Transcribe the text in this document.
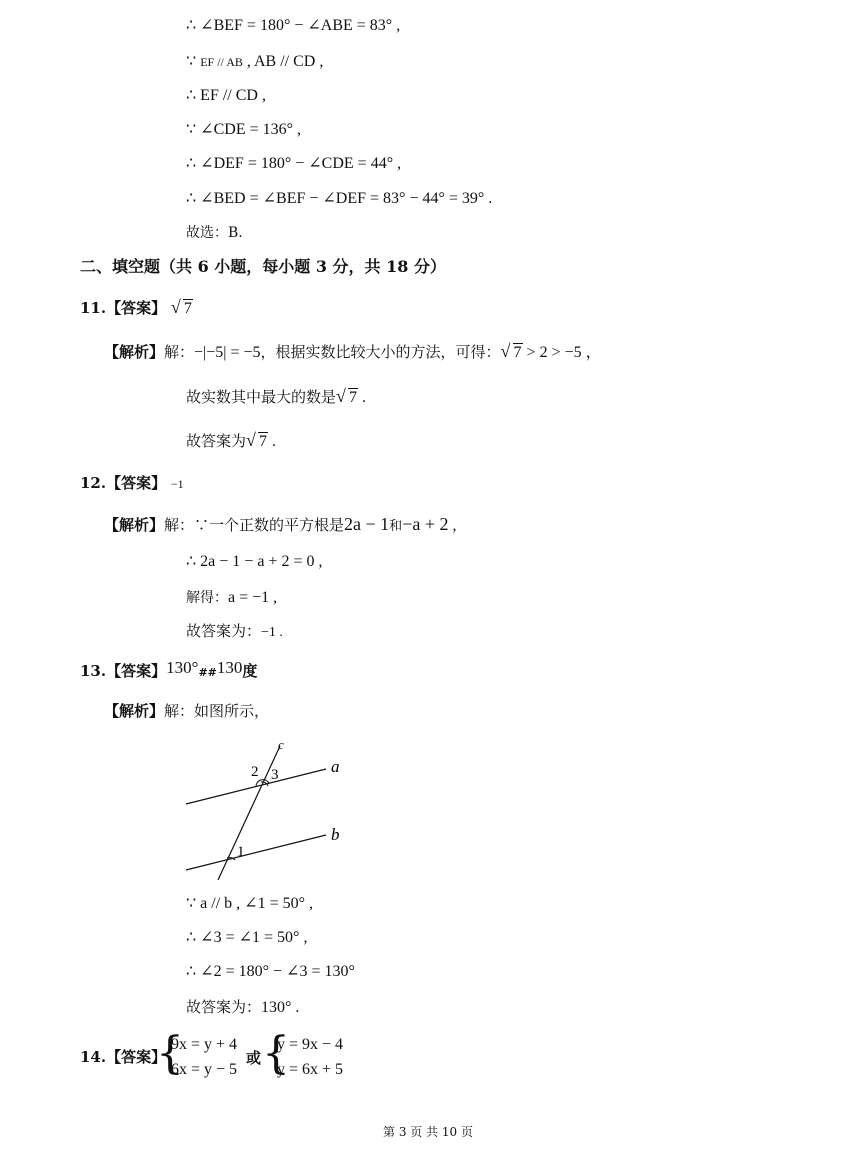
∴ ∠BEF = 180° − ∠ABE = 83° ,
∵ EF // AB , AB // CD ,
∴ EF // CD ,
∵ ∠CDE = 136° ,
∴ ∠DEF = 180° − ∠CDE = 44° ,
∴ ∠BED = ∠BEF − ∠DEF = 83° − 44° = 39° .
故选：B.
二、填空题（共 6 小题，每小题 3 分，共 18 分）
11.【答案】 √ 7
【解析】解：−|−5| = −5，根据实数比较大小的方法，可得： √ 7 > 2 > −5 ，
故实数其中最大的数是 √ 7 .
故答案为 √ 7 .
12.【答案】 −1
【解析】解：∵一个正数的平方根是2a − 1和−a + 2 ,
∴ 2a − 1 − a + 2 = 0 ,
解得：a = −1 ,
故答案为：−1 .
13.【答案】130°##130度
【解析】解：如图所示，
c
a
b
2 3
1
∵ a // b , ∠1 = 50° ,
∴ ∠3 = ∠1 = 50° ,
∴ ∠2 = 180° − ∠3 = 130°
故答案为：130° .
14.【答案】
{
9x = y + 4
6x = y − 5
或 {
y = 9x − 4
y = 6x + 5
第 3 页 共 10 页
